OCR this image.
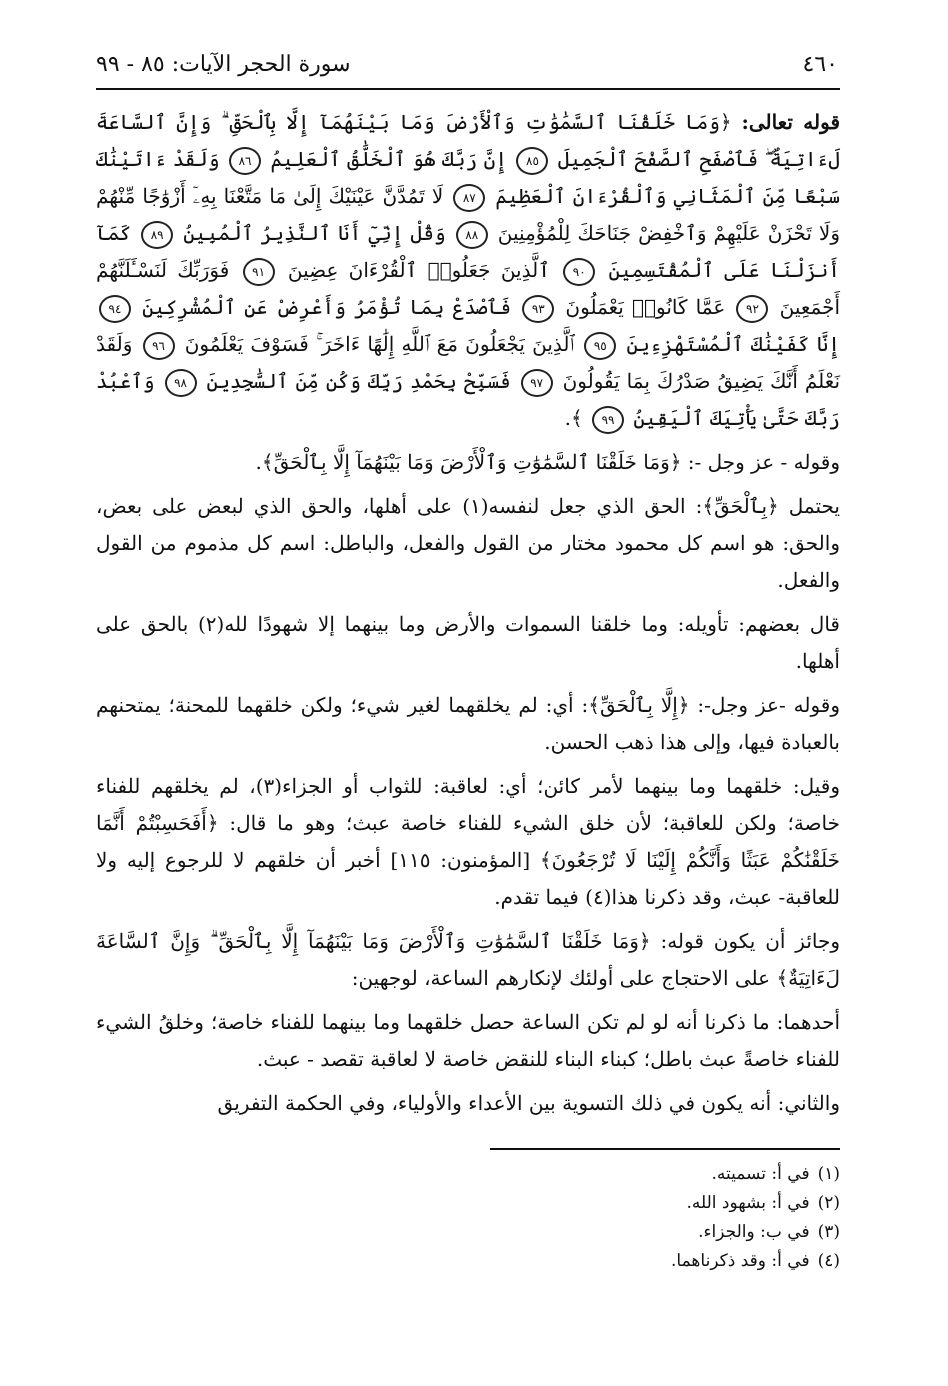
٤٦٠
سورة الحجر الآيات: ٨٥ - ٩٩

قوله تعالى: ﴿وَمَا خَلَقْنَا ٱلسَّمَٰوَٰتِ وَٱلْأَرْضَ وَمَا بَيْنَهُمَآ إِلَّا بِٱلْحَقِّ ۗ وَإِنَّ ٱلسَّاعَةَ لَءَاتِيَةٌ ۖ فَٱصْفَحِ ٱلصَّفْحَ ٱلْجَمِيلَ ٨٥ إِنَّ رَبَّكَ هُوَ ٱلْخَلَّٰقُ ٱلْعَلِيمُ ٨٦ وَلَقَدْ ءَاتَيْنَٰكَ سَبْعًا مِّنَ ٱلْمَثَانِي وَٱلْقُرْءَانَ ٱلْعَظِيمَ ٨٧ لَا تَمُدَّنَّ عَيْنَيْكَ إِلَىٰ مَا مَتَّعْنَا بِهِۦٓ أَزْوَٰجًا مِّنْهُمْ وَلَا تَحْزَنْ عَلَيْهِمْ وَٱخْفِضْ جَنَاحَكَ لِلْمُؤْمِنِينَ ٨٨ وَقُلْ إِنِّيٓ أَنَا ٱلنَّذِيرُ ٱلْمُبِينُ ٨٩ كَمَآ أَنزَلْنَا عَلَى ٱلْمُقْتَسِمِينَ ٩٠ ٱلَّذِينَ جَعَلُوا۟ ٱلْقُرْءَانَ عِضِينَ ٩١ فَوَرَبِّكَ لَنَسْـَٔلَنَّهُمْ أَجْمَعِينَ ٩٢ عَمَّا كَانُوا۟ يَعْمَلُونَ ٩٣ فَٱصْدَعْ بِمَا تُؤْمَرُ وَأَعْرِضْ عَنِ ٱلْمُشْرِكِينَ ٩٤ إِنَّا كَفَيْنَٰكَ ٱلْمُسْتَهْزِءِينَ ٩٥ ٱلَّذِينَ يَجْعَلُونَ مَعَ ٱللَّهِ إِلَٰهًا ءَاخَرَ ۚ فَسَوْفَ يَعْلَمُونَ ٩٦ وَلَقَدْ نَعْلَمُ أَنَّكَ يَضِيقُ صَدْرُكَ بِمَا يَقُولُونَ ٩٧ فَسَبِّحْ بِحَمْدِ رَبِّكَ وَكُن مِّنَ ٱلسَّٰجِدِينَ ٩٨ وَٱعْبُدْ رَبَّكَ حَتَّىٰ يَأْتِيَكَ ٱلْيَقِينُ ٩٩ ﴾.

وقوله - عز وجل -: ﴿وَمَا خَلَقْنَا ٱلسَّمَٰوَٰتِ وَٱلْأَرْضَ وَمَا بَيْنَهُمَآ إِلَّا بِٱلْحَقِّ﴾.

يحتمل ﴿بِٱلْحَقِّ﴾: الحق الذي جعل لنفسه(١) على أهلها، والحق الذي لبعض على بعض، والحق: هو اسم كل محمود مختار من القول والفعل، والباطل: اسم كل مذموم من القول والفعل.

قال بعضهم: تأويله: وما خلقنا السموات والأرض وما بينهما إلا شهودًا لله(٢) بالحق على أهلها.

وقوله -عز وجل-: ﴿إِلَّا بِٱلْحَقِّ﴾: أي: لم يخلقهما لغير شيء؛ ولكن خلقهما للمحنة؛ يمتحنهم بالعبادة فيها، وإلى هذا ذهب الحسن.

وقيل: خلقهما وما بينهما لأمر كائن؛ أي: لعاقبة: للثواب أو الجزاء(٣)، لم يخلقهم للفناء خاصة؛ ولكن للعاقبة؛ لأن خلق الشيء للفناء خاصة عبث؛ وهو ما قال: ﴿أَفَحَسِبْتُمْ أَنَّمَا خَلَقْنَٰكُمْ عَبَثًا وَأَنَّكُمْ إِلَيْنَا لَا تُرْجَعُونَ﴾ [المؤمنون: ١١٥] أخبر أن خلقهم لا للرجوع إليه ولا للعاقبة- عبث، وقد ذكرنا هذا(٤) فيما تقدم.

وجائز أن يكون قوله: ﴿وَمَا خَلَقْنَا ٱلسَّمَٰوَٰتِ وَٱلْأَرْضَ وَمَا بَيْنَهُمَآ إِلَّا بِٱلْحَقِّ ۗ وَإِنَّ ٱلسَّاعَةَ لَءَاتِيَةٌ﴾ على الاحتجاج على أولئك لإنكارهم الساعة، لوجهين:

أحدهما: ما ذكرنا أنه لو لم تكن الساعة حصل خلقهما وما بينهما للفناء خاصة؛ وخلقُ الشيء للفناء خاصةً عبث باطل؛ كبناء البناء للنقض خاصة لا لعاقبة تقصد - عبث.

والثاني: أنه يكون في ذلك التسوية بين الأعداء والأولياء، وفي الحكمة التفريق

(١)
في أ: تسميته.
(٢)
في أ: بشهود الله.
(٣)
في ب: والجزاء.
(٤)
في أ: وقد ذكرناهما.
